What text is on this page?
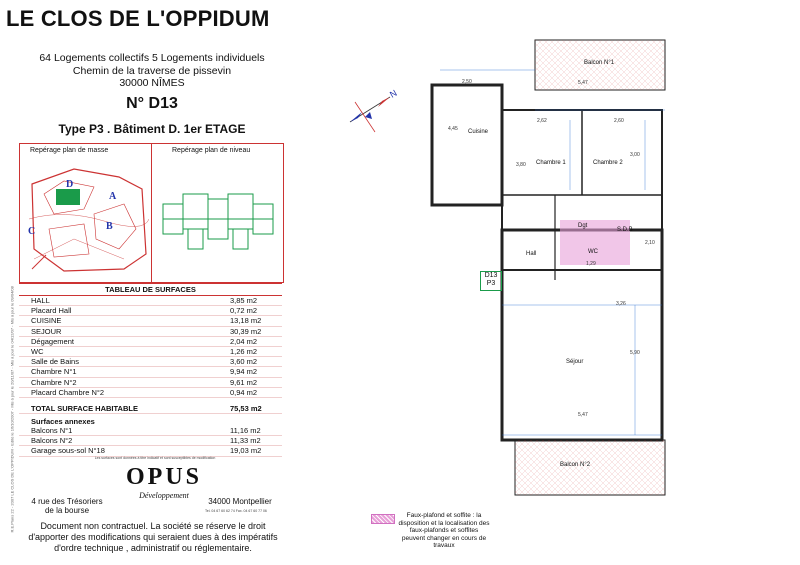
LE CLOS DE L'OPPIDUM
64 Logements collectifs 5 Logements individuels
Chemin de la traverse de pissevin
30000 NÎMES
N° D13
Type P3 . Bâtiment D. 1er ETAGE
Repérage plan de masse	Repérage plan de niveau
D
A
B
C
TABLEAU DE SURFACES
HALL	3,85 m2
Placard Hall	0,72 m2
CUISINE	13,18 m2
SEJOUR	30,39 m2
Dégagement	2,04 m2
WC	1,26 m2
Salle de Bains	3,60 m2
Chambre N°1	9,94 m2
Chambre N°2	9,61 m2
Placard Chambre N°2	0,94 m2
TOTAL SURFACE HABITABLE	75,53 m2
Surfaces annexes
Balcons N°1	11,16 m2
Balcons N°2	11,33 m2
Garage sous-sol N°18	19,03 m2
Les surfaces sont données à titre indicatif et sont susceptibles de modification
OPUS
Développement
4 rue des Trésoriers de la bourse
34000 Montpellier
Tel. 04 67 60 62 74 Fax. 04 67 60 77 06
Document non contractuel. La société se réserve le droit d'apporter des modifications qui seraient dues à des impératifs d'ordre technique , administratif ou réglementaire.
R.E.Plans 22 - 2007 LE CLOS DE L'OPPIDUM - Edité le 16/10/2007 - Mis à jour le 20/11/07 - Mis à jour le 04/12/07 - Mis à jour le 09/04/08
N
Balcon N°1
Cuisine
Chambre 1	Chambre 2
S.D.B
Dgt
WC
Hall
Séjour
Balcon N°2
2,50	5,47
4,45
2,62	2,60
3,80
3,00
3,26
5,90
5,47
1,29
2,10
D13
P3
Faux-plafond et soffite : la disposition et la localisation des faux-plafonds et soffites peuvent changer en cours de travaux
